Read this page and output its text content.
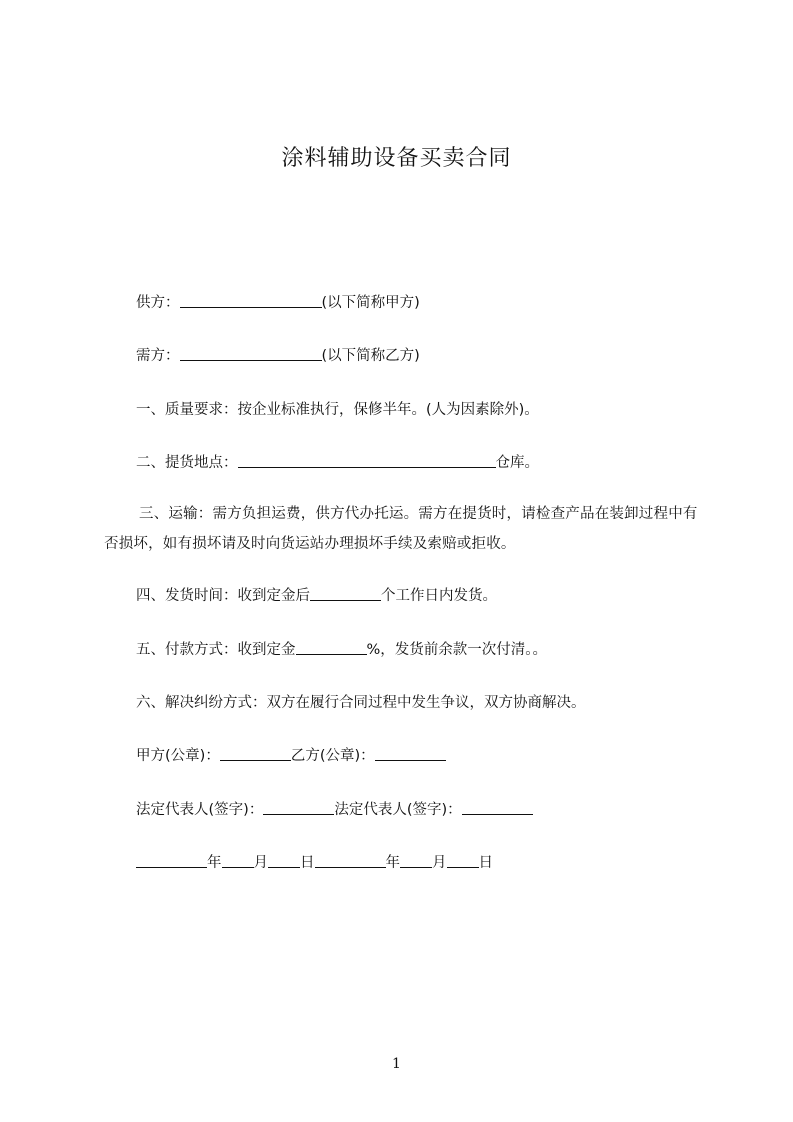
涂料辅助设备买卖合同
供方：	(以下简称甲方)
需方：	(以下简称乙方)
一、质量要求：按企业标准执行，保修半年。(人为因素除外)。
二、提货地点：	仓库。
三、运输：需方负担运费，供方代办托运。需方在提货时，请检查产品在装卸过程中有否损坏，如有损坏请及时向货运站办理损坏手续及索赔或拒收。
四、发货时间：收到定金后	个工作日内发货。
五、付款方式：收到定金	%，发货前余款一次付清。。
六、解决纠纷方式：双方在履行合同过程中发生争议，双方协商解决。
甲方(公章)：	乙方(公章)：
法定代表人(签字)：	法定代表人(签字)：
年 月 日	年 月 日
1
